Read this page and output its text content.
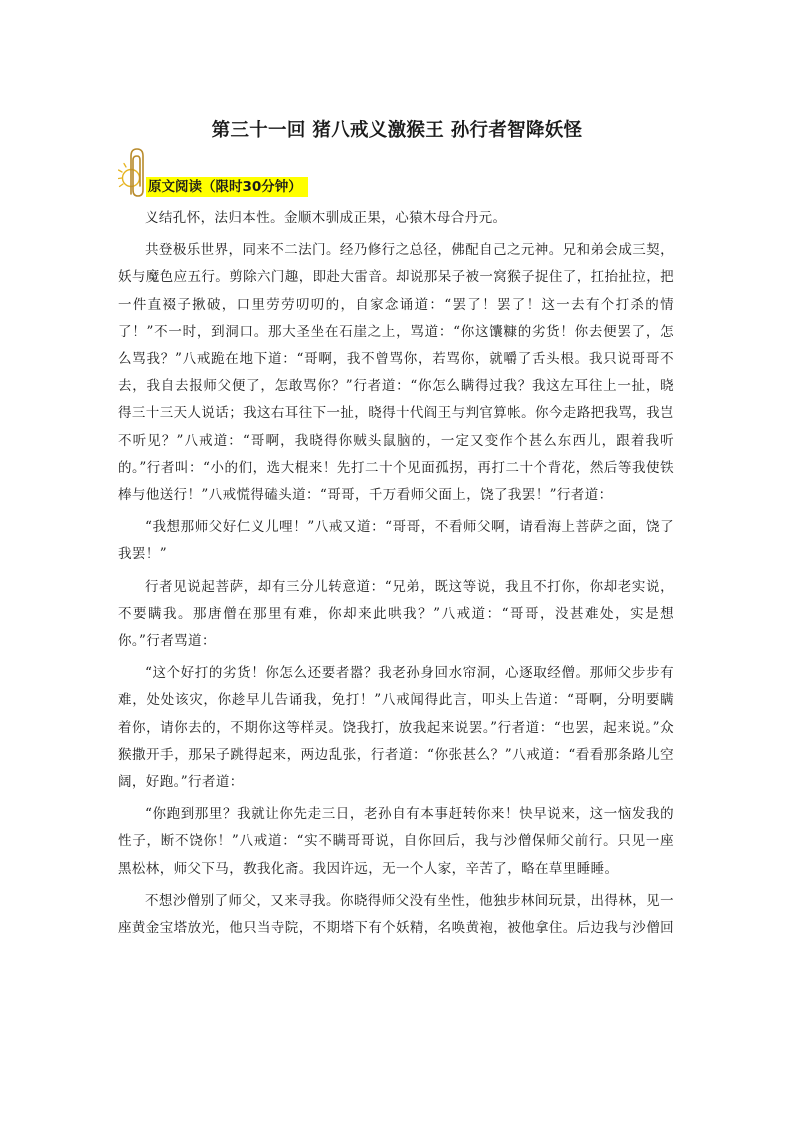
第三十一回 猪八戒义激猴王 孙行者智降妖怪
原文阅读（限时30分钟）

义结孔怀，法归本性。金顺木驯成正果，心猿木母合丹元。

共登极乐世界，同来不二法门。经乃修行之总径，佛配自己之元神。兄和弟会成三契，妖与魔色应五行。剪除六门趣，即赴大雷音。却说那呆子被一窝猴子捉住了，扛抬扯拉，把一件直裰子揪破，口里劳劳叨叨的，自家念诵道：“罢了！罢了！这一去有个打杀的情了！”不一时，到洞口。那大圣坐在石崖之上，骂道：“你这馕糠的劣货！你去便罢了，怎么骂我？”八戒跪在地下道：“哥啊，我不曾骂你，若骂你，就嚼了舌头根。我只说哥哥不去，我自去报师父便了，怎敢骂你？”行者道：“你怎么瞒得过我？我这左耳往上一扯，晓得三十三天人说话；我这右耳往下一扯，晓得十代阎王与判官算帐。你今走路把我骂，我岂不听见？”八戒道：“哥啊，我晓得你贼头鼠脑的，一定又变作个甚么东西儿，跟着我听的。”行者叫：“小的们，选大棍来！先打二十个见面孤拐，再打二十个背花，然后等我使铁棒与他送行！”八戒慌得磕头道：“哥哥，千万看师父面上，饶了我罢！”行者道：

“我想那师父好仁义儿哩！”八戒又道：“哥哥，不看师父啊，请看海上菩萨之面，饶了我罢！”

行者见说起菩萨，却有三分儿转意道：“兄弟，既这等说，我且不打你，你却老实说，不要瞒我。那唐僧在那里有难，你却来此哄我？”八戒道：“哥哥，没甚难处，实是想你。”行者骂道：

“这个好打的劣货！你怎么还要者嚣？我老孙身回水帘洞，心逐取经僧。那师父步步有难，处处该灾，你趁早儿告诵我，免打！”八戒闻得此言，叩头上告道：“哥啊，分明要瞒着你，请你去的，不期你这等样灵。饶我打，放我起来说罢。”行者道：“也罢，起来说。”众猴撒开手，那呆子跳得起来，两边乱张，行者道：“你张甚么？”八戒道：“看看那条路儿空阔，好跑。”行者道：

“你跑到那里？我就让你先走三日，老孙自有本事赶转你来！快早说来，这一恼发我的性子，断不饶你！”八戒道：“实不瞒哥哥说，自你回后，我与沙僧保师父前行。只见一座黑松林，师父下马，教我化斋。我因许远，无一个人家，辛苦了，略在草里睡睡。

不想沙僧别了师父，又来寻我。你晓得师父没有坐性，他独步林间玩景，出得林，见一座黄金宝塔放光，他只当寺院，不期塔下有个妖精，名唤黄袍，被他拿住。后边我与沙僧回
